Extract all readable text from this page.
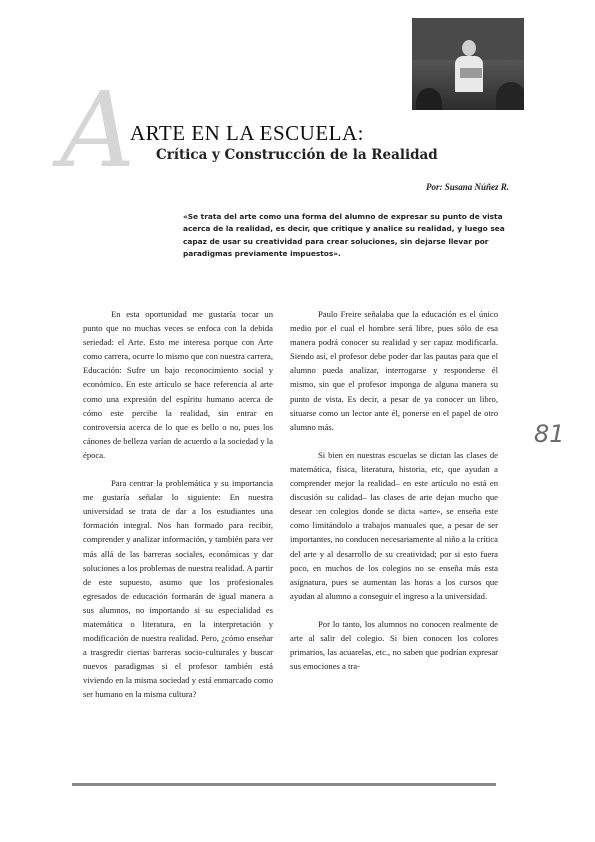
A
ARTE EN LA ESCUELA:
Crítica y Construcción de la Realidad
Por: Susana Núñez R.

«Se trata del arte como una forma del alumno de expresar su punto de vista acerca de la realidad, es decir, que critique y analice su realidad, y luego sea capaz de usar su creatividad para crear soluciones, sin dejarse llevar por paradigmas previamente impuestos».

En esta oportunidad me gustaría tocar un punto que no muchas veces se enfoca con la debida seriedad: el Arte. Esto me interesa porque con Arte como carrera, ocurre lo mismo que con nuestra carrera, Educación: Sufre un bajo reconocimiento social y económico. En este artículo se hace referencia al arte como una expresión del espíritu humano acerca de cómo este percibe la realidad, sin entrar en controversia acerca de lo que es bello o no, pues los cánones de belleza varían de acuerdo a la sociedad y la época.

Para centrar la problemática y su importancia me gustaría señalar lo siguiente: En nuestra universidad se trata de dar a los estudiantes una formación integral. Nos han formado para recibir, comprender y analizar información, y también para ver más allá de las barreras sociales, económicas y dar soluciones a los problemas de nuestra realidad. A partir de este supuesto, asumo que los profesionales egresados de educación formarán de igual manera a sus alumnos, no importando si su especialidad es matemática o literatura, en la interpretación y modificación de nuestra realidad. Pero, ¿cómo enseñar a trasgredir ciertas barreras socio-culturales y buscar nuevos paradigmas si el profesor también está viviendo en la misma sociedad y está enmarcado como ser humano en la misma cultura?

Paulo Freire señalaba que la educación es el único medio por el cual el hombre será libre, pues sólo de esa manera podrá conocer su realidad y ser capaz modificarla. Siendo así, el profesor debe poder dar las pautas para que el alumno pueda analizar, interrogarse y responderse él mismo, sin que el profesor imponga de alguna manera su punto de vista. Es decir, a pesar de ya conocer un libro, situarse como un lector ante él, ponerse en el papel de otro alumno más.

Si bien en nuestras escuelas se dictan las clases de matemática, física, literatura, historia, etc, que ayudan a comprender mejor la realidad– en este artículo no está en discusión su calidad– las clases de arte dejan mucho que desear :en colegios donde se dicta «arte», se enseña este como limitándolo a trabajos manuales que, a pesar de ser importantes, no conducen necesariamente al niño a la crítica del arte y al desarrollo de su creatividad; por si esto fuera poco, en muchos de los colegios no se enseña más esta asignatura, pues se aumentan las horas a los cursos que ayudan al alumno a conseguir el ingreso a la universidad.

Por lo tanto, los alumnos no conocen realmente de arte al salir del colegio. Si bien conocen los colores primarios, las acuarelas, etc., no saben que podrían expresar sus emociones a tra-

81
